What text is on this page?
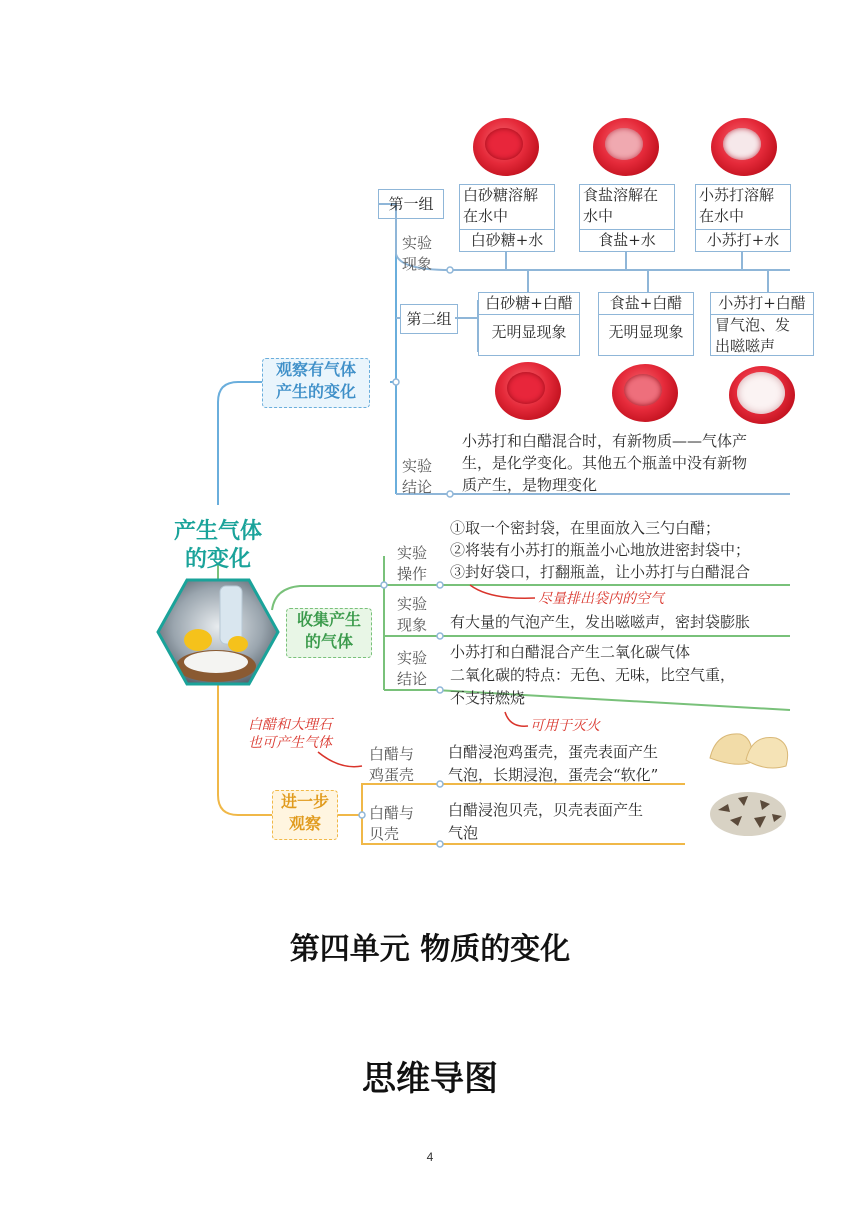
产生气体
的变化
观察有气体
产生的变化
第一组	白砂糖溶解
在水中
白砂糖+水
食盐溶解在
水中
食盐+水
小苏打溶解
在水中
小苏打+水
实验
现象
第二组
白砂糖+白醋
无明显现象
食盐+白醋
无明显现象
小苏打+白醋
冒气泡、发
出嗞嗞声
实验
结论
小苏打和白醋混合时，有新物质——气体产
生，是化学变化。其他五个瓶盖中没有新物
质产生，是物理变化
收集产生
的气体
实验
操作
①取一个密封袋，在里面放入三勺白醋；
②将装有小苏打的瓶盖小心地放进密封袋中；
③封好袋口，打翻瓶盖，让小苏打与白醋混合
尽量排出袋内的空气
实验
现象 有大量的气泡产生，发出嗞嗞声，密封袋膨胀
实验
结论
小苏打和白醋混合产生二氧化碳气体
二氧化碳的特点：无色、无味，比空气重，
不支持燃烧
可用于灭火
白醋和大理石
也可产生气体
进一步
观察
白醋与
鸡蛋壳
白醋浸泡鸡蛋壳，蛋壳表面产生
气泡，长期浸泡，蛋壳会“软化”
白醋与
贝壳
白醋浸泡贝壳，贝壳表面产生
气泡
第四单元 物质的变化
思维导图
4
